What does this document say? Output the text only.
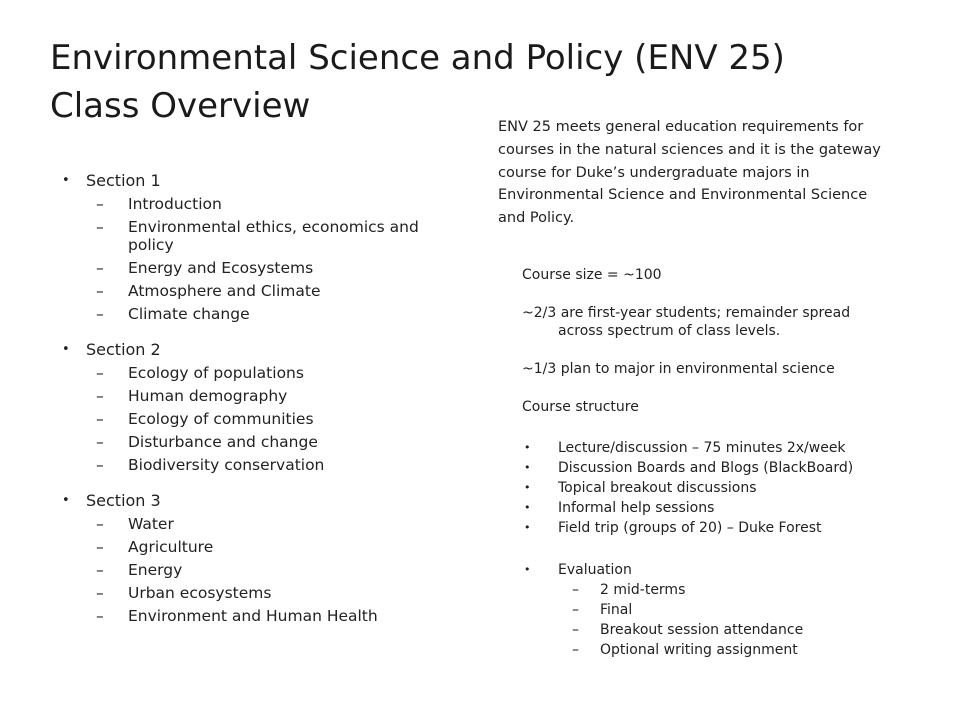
Environmental Science and Policy (ENV 25)
Class Overview
•	Section 1
–	Introduction
–	Environmental ethics, economics and policy
–	Energy and Ecosystems
–	Atmosphere and Climate
–	Climate change
•	Section 2
–	Ecology of populations
–	Human demography
–	Ecology of communities
–	Disturbance and change
–	Biodiversity conservation
•	Section 3
–	Water
–	Agriculture
–	Energy
–	Urban ecosystems
–	Environment and Human Health
ENV 25 meets general education requirements for courses in the natural sciences and it is the gateway course for Duke’s undergraduate majors in Environmental Science and Environmental Science and Policy.
Course size = ~100
~2/3 are first-year students; remainder spread
across spectrum of class levels.
~1/3 plan to major in environmental science
Course structure
• Lecture/discussion – 75 minutes 2x/week
• Discussion Boards and Blogs (BlackBoard)
• Topical breakout discussions
• Informal help sessions
• Field trip (groups of 20) – Duke Forest
• Evaluation
– 2 mid-terms
– Final
– Breakout session attendance
– Optional writing assignment
